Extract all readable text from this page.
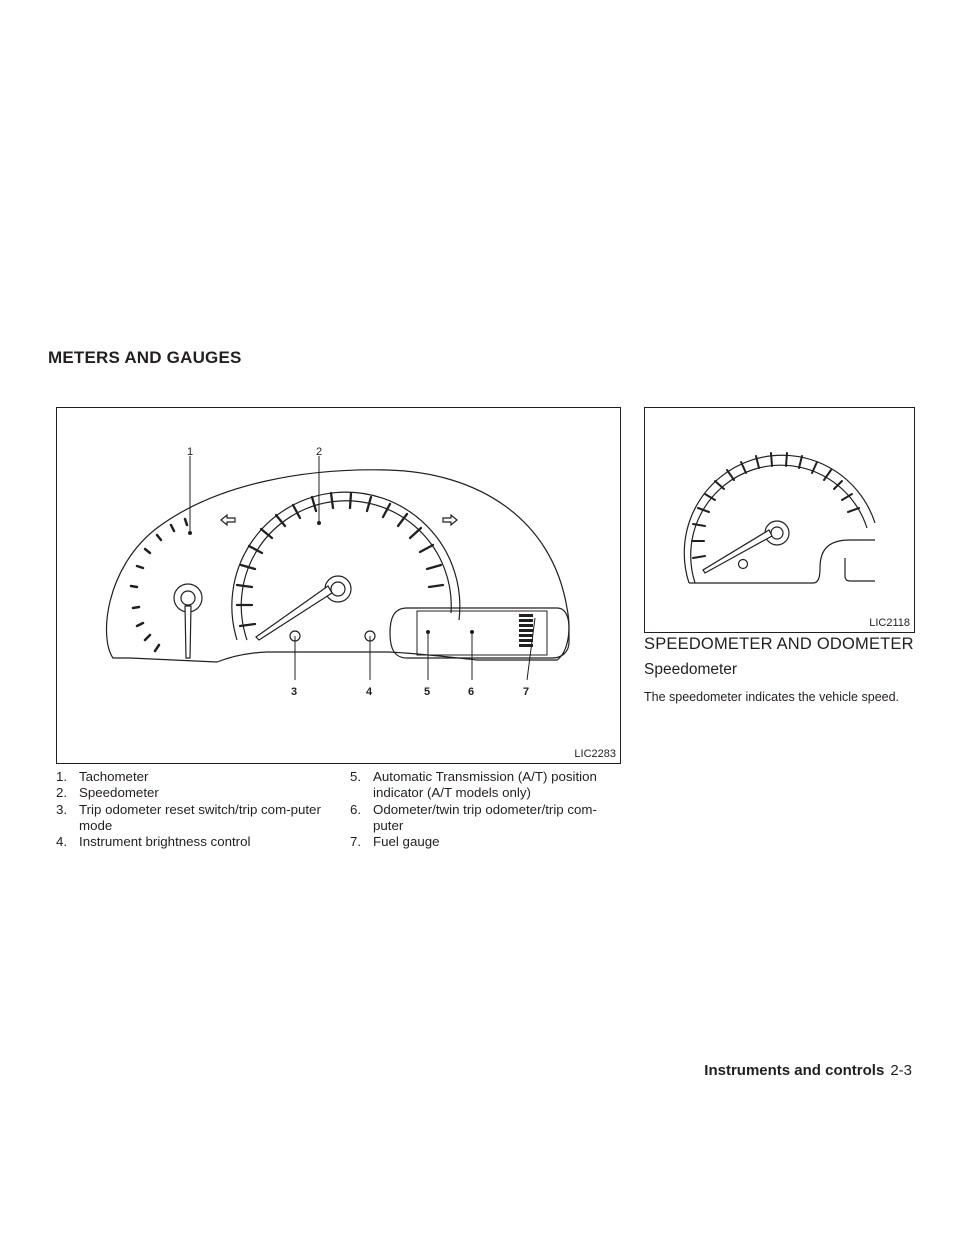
METERS AND GAUGES
1	2
3	4	5	6	7
LIC2283
LIC2118
1. Tachometer
2. Speedometer
3. Trip odometer reset switch/trip com-puter mode
4. Instrument brightness control
5. Automatic Transmission (A/T) position indicator (A/T models only)
6. Odometer/twin trip odometer/trip com-puter
7. Fuel gauge
SPEEDOMETER AND ODOMETER
Speedometer

The speedometer indicates the vehicle speed.

Instruments and controls 2-3
